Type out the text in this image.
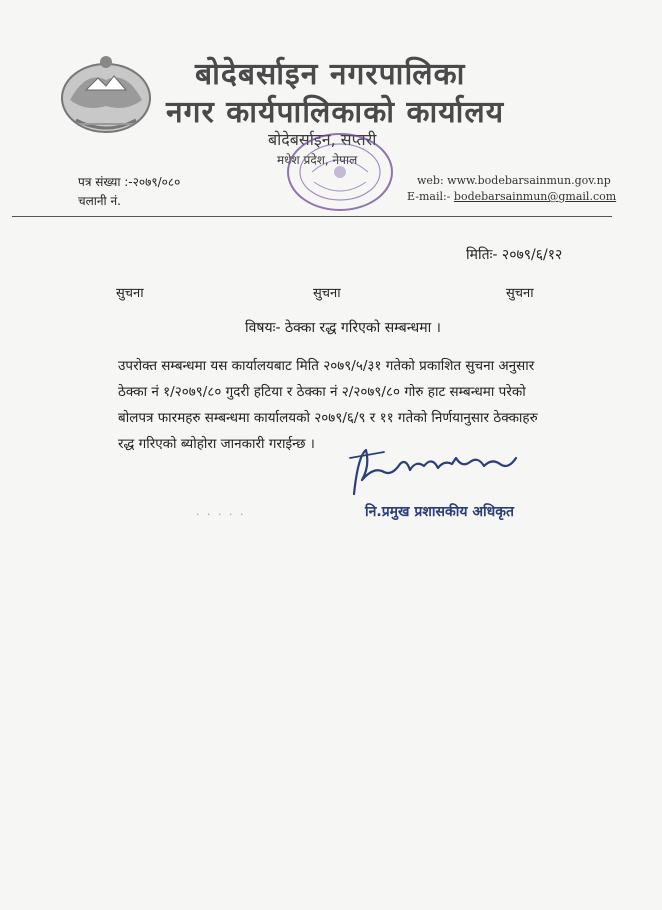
बोदेबर्साइन नगरपालिका
नगर कार्यपालिकाको कार्यालय
बोदेबर्साइन, सप्तरी
मधेश प्रदेश, नेपाल
पत्र संख्या :-२०७९/०८०
चलानी नं.
web: www.bodebarsainmun.gov.np
E-mail:- bodebarsainmun@gmail.com
मितिः- २०७९/६/१२
सुचना	सुचना	सुचना
विषयः- ठेक्का रद्ध गरिएको सम्बन्धमा ।
उपरोक्त सम्बन्धमा यस कार्यालयबाट मिति २०७९/५/३१ गतेको प्रकाशित सुचना अनुसार
ठेक्का नं १/२०७९/८० गुदरी हटिया र ठेक्का नं २/२०७९/८० गोरु हाट सम्बन्धमा परेको
बोलपत्र फारमहरु सम्बन्धमा कार्यालयको २०७९/६/९ र ११ गतेको निर्णयानुसार ठेक्काहरु
रद्ध गरिएको ब्योहोरा जानकारी गराईन्छ ।
· · · · ·	नि.प्रमुख प्रशासकीय अधिकृत
